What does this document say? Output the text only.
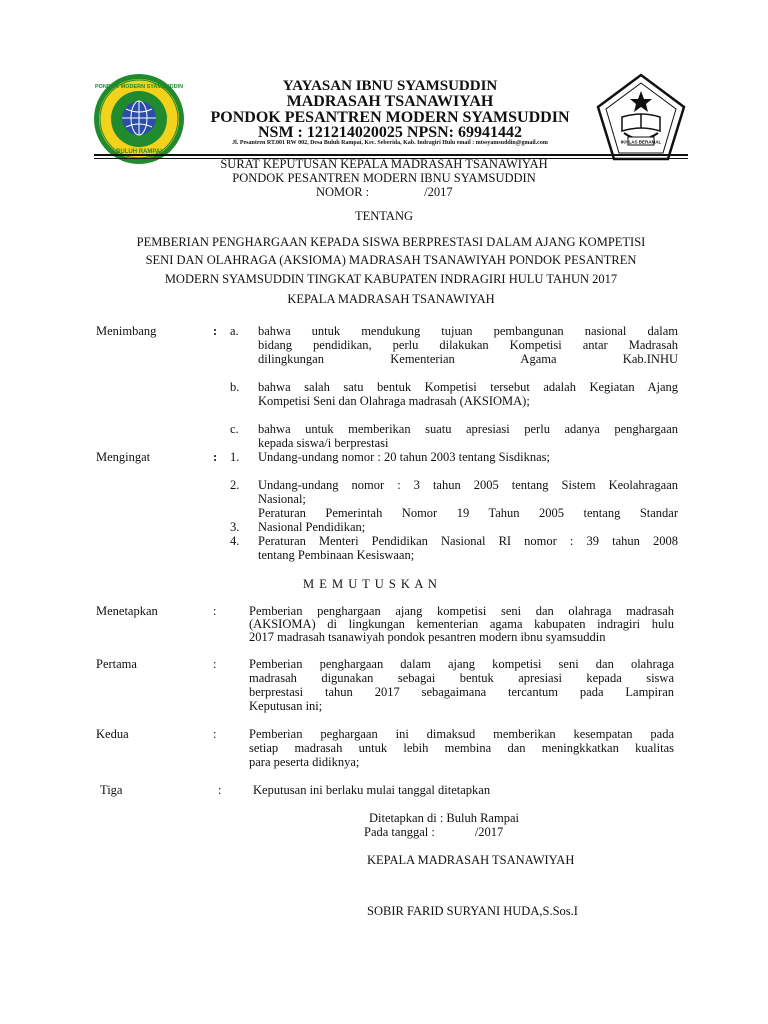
BULUH RAMPAI
PONDOK MODERN SYAMSUDDIN
IKHLAS BERAMAL
YAYASAN IBNU SYAMSUDDIN
MADRASAH TSANAWIYAH
PONDOK PESANTREN MODERN SYAMSUDDIN
NSM : 121214020025 NPSN: 69941442
Jl. Pesantren RT.001 RW 002, Desa Buluh Rampai, Kec. Seberida, Kab. Indragiri Hulu email : mtssyamsuddin@gmail.com
SURAT KEPUTUSAN KEPALA MADRASAH TSANAWIYAH
PONDOK PESANTREN MODERN IBNU SYAMSUDDIN
NOMOR :	/2017
TENTANG
PEMBERIAN PENGHARGAAN KEPADA SISWA BERPRESTASI DALAM AJANG KOMPETISI
SENI DAN OLAHRAGA (AKSIOMA) MADRASAH TSANAWIYAH PONDOK PESANTREN
MODERN SYAMSUDDIN TINGKAT KABUPATEN INDRAGIRI HULU TAHUN 2017
KEPALA MADRASAH TSANAWIYAH
Menimbang	: a. bahwa untuk mendukung tujuan pembangunan nasional dalam
bidang pendidikan, perlu dilakukan Kompetisi antar Madrasah
dilingkungan Kementerian Agama Kab.INHU
b. bahwa salah satu bentuk Kompetisi tersebut adalah Kegiatan Ajang
Kompetisi Seni dan Olahraga madrasah (AKSIOMA);
c. bahwa untuk memberikan suatu apresiasi perlu adanya penghargaan
kepada siswa/i berprestasi
Mengingat	: 1. Undang-undang nomor : 20 tahun 2003 tentang Sisdiknas;
2. Undang-undang nomor : 3 tahun 2005 tentang Sistem Keolahragaan
Nasional;
Peraturan Pemerintah Nomor 19 Tahun 2005 tentang Standar
3. Nasional Pendidikan;
4. Peraturan Menteri Pendidikan Nasional RI nomor : 39 tahun 2008
tentang Pembinaan Kesiswaan;
M E M U T U S K A N
Menetapkan	:	Pemberian penghargaan ajang kompetisi seni dan olahraga madrasah
(AKSIOMA) di lingkungan kementerian agama kabupaten indragiri hulu
2017 madrasah tsanawiyah pondok pesantren modern ibnu syamsuddin
Pertama	:	Pemberian penghargaan dalam ajang kompetisi seni dan olahraga
madrasah digunakan sebagai bentuk apresiasi kepada siswa
berprestasi tahun 2017 sebagaimana tercantum pada Lampiran
Keputusan ini;
Kedua	:	Pemberian peghargaan ini dimaksud memberikan kesempatan pada
setiap madrasah untuk lebih membina dan meningkkatkan kualitas
para peserta didiknya;
Tiga	:	Keputusan ini berlaku mulai tanggal ditetapkan
Ditetapkan di : Buluh Rampai
Pada tanggal :	/2017
KEPALA MADRASAH TSANAWIYAH
SOBIR FARID SURYANI HUDA,S.Sos.I
